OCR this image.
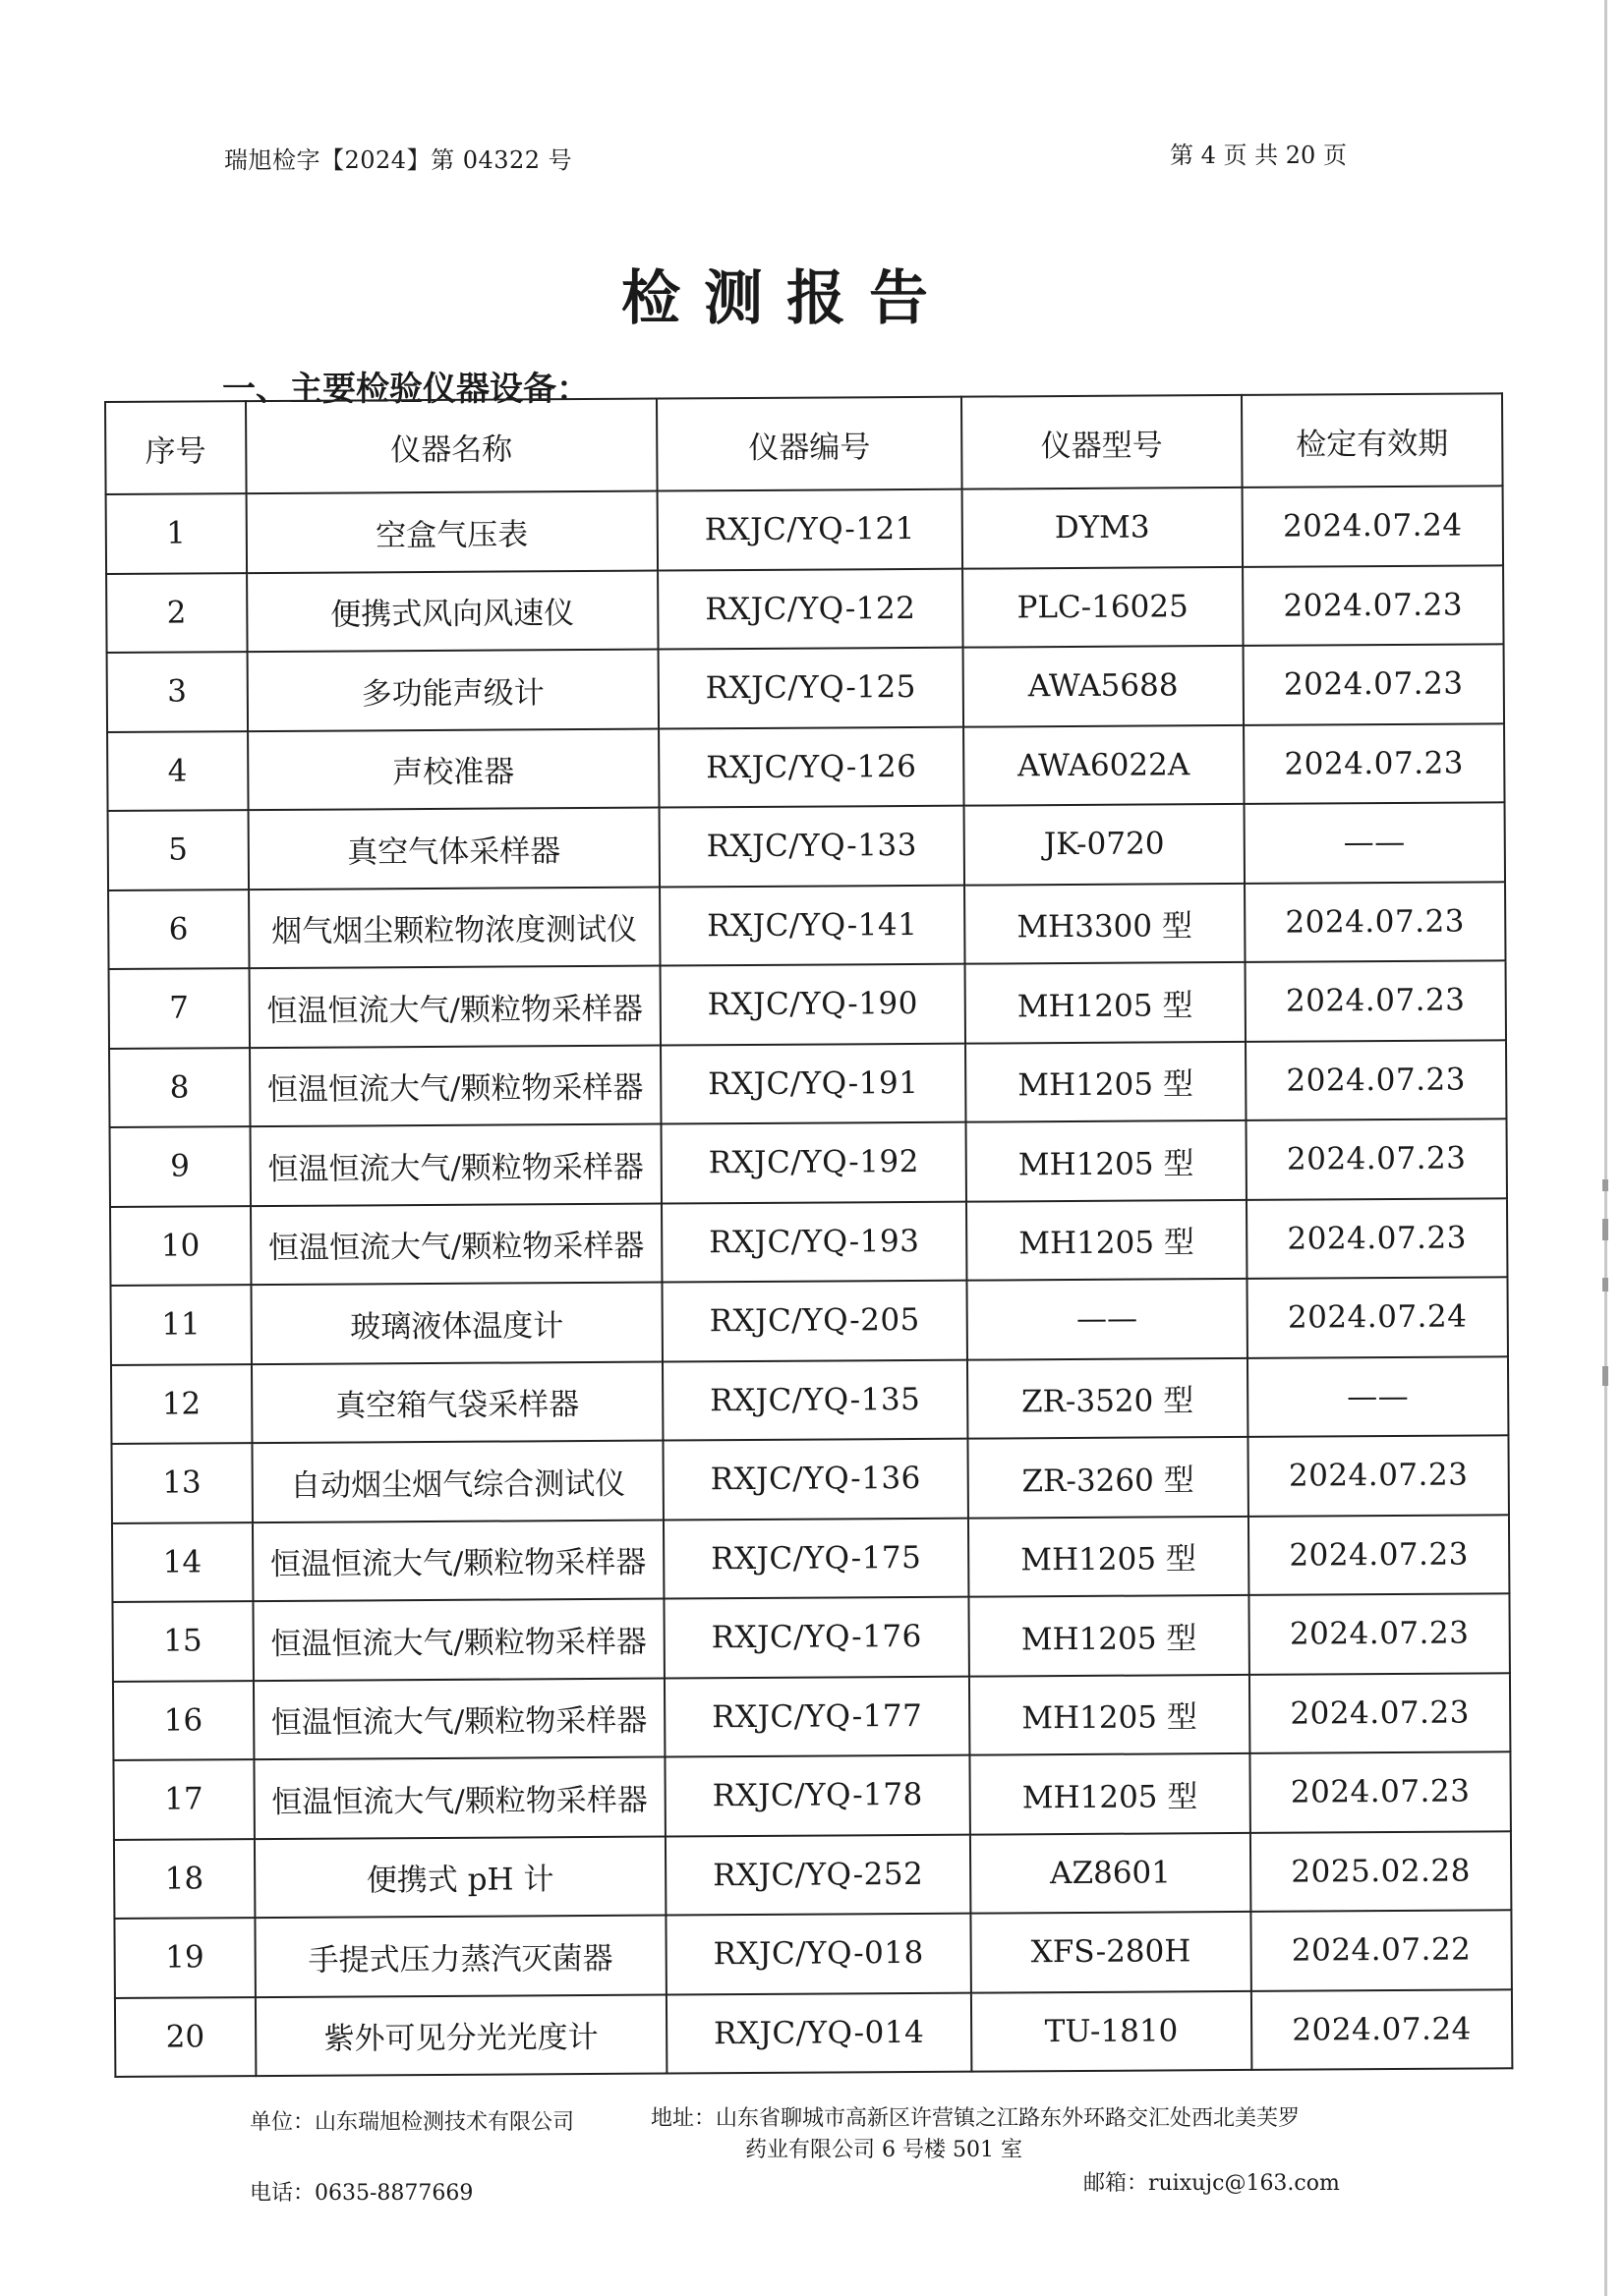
瑞旭检字【2024】第 04322 号	第 4 页 共 20 页
检测报告
一、主要检验仪器设备：
序号	仪器名称	仪器编号	仪器型号	检定有效期
1	空盒气压表	RXJC/YQ-121	DYM3	2024.07.24
2	便携式风向风速仪	RXJC/YQ-122	PLC-16025	2024.07.23
3	多功能声级计	RXJC/YQ-125	AWA5688	2024.07.23
4	声校准器	RXJC/YQ-126	AWA6022A	2024.07.23
5	真空气体采样器	RXJC/YQ-133	JK-0720	——
6	烟气烟尘颗粒物浓度测试仪	RXJC/YQ-141	MH3300 型	2024.07.23
7	恒温恒流大气/颗粒物采样器	RXJC/YQ-190	MH1205 型	2024.07.23
8	恒温恒流大气/颗粒物采样器	RXJC/YQ-191	MH1205 型	2024.07.23
9	恒温恒流大气/颗粒物采样器	RXJC/YQ-192	MH1205 型	2024.07.23
10	恒温恒流大气/颗粒物采样器	RXJC/YQ-193	MH1205 型	2024.07.23
11	玻璃液体温度计	RXJC/YQ-205	——	2024.07.24
12	真空箱气袋采样器	RXJC/YQ-135	ZR-3520 型	——
13	自动烟尘烟气综合测试仪	RXJC/YQ-136	ZR-3260 型	2024.07.23
14	恒温恒流大气/颗粒物采样器	RXJC/YQ-175	MH1205 型	2024.07.23
15	恒温恒流大气/颗粒物采样器	RXJC/YQ-176	MH1205 型	2024.07.23
16	恒温恒流大气/颗粒物采样器	RXJC/YQ-177	MH1205 型	2024.07.23
17	恒温恒流大气/颗粒物采样器	RXJC/YQ-178	MH1205 型	2024.07.23
18	便携式 pH 计	RXJC/YQ-252	AZ8601	2025.02.28
19	手提式压力蒸汽灭菌器	RXJC/YQ-018	XFS-280H	2024.07.22
20	紫外可见分光光度计	RXJC/YQ-014	TU-1810	2024.07.24
单位：山东瑞旭检测技术有限公司	地址：山东省聊城市高新区许营镇之江路东外环路交汇处西北美芙罗
药业有限公司 6 号楼 501 室
电话：0635-8877669	邮箱：ruixujc@163.com
